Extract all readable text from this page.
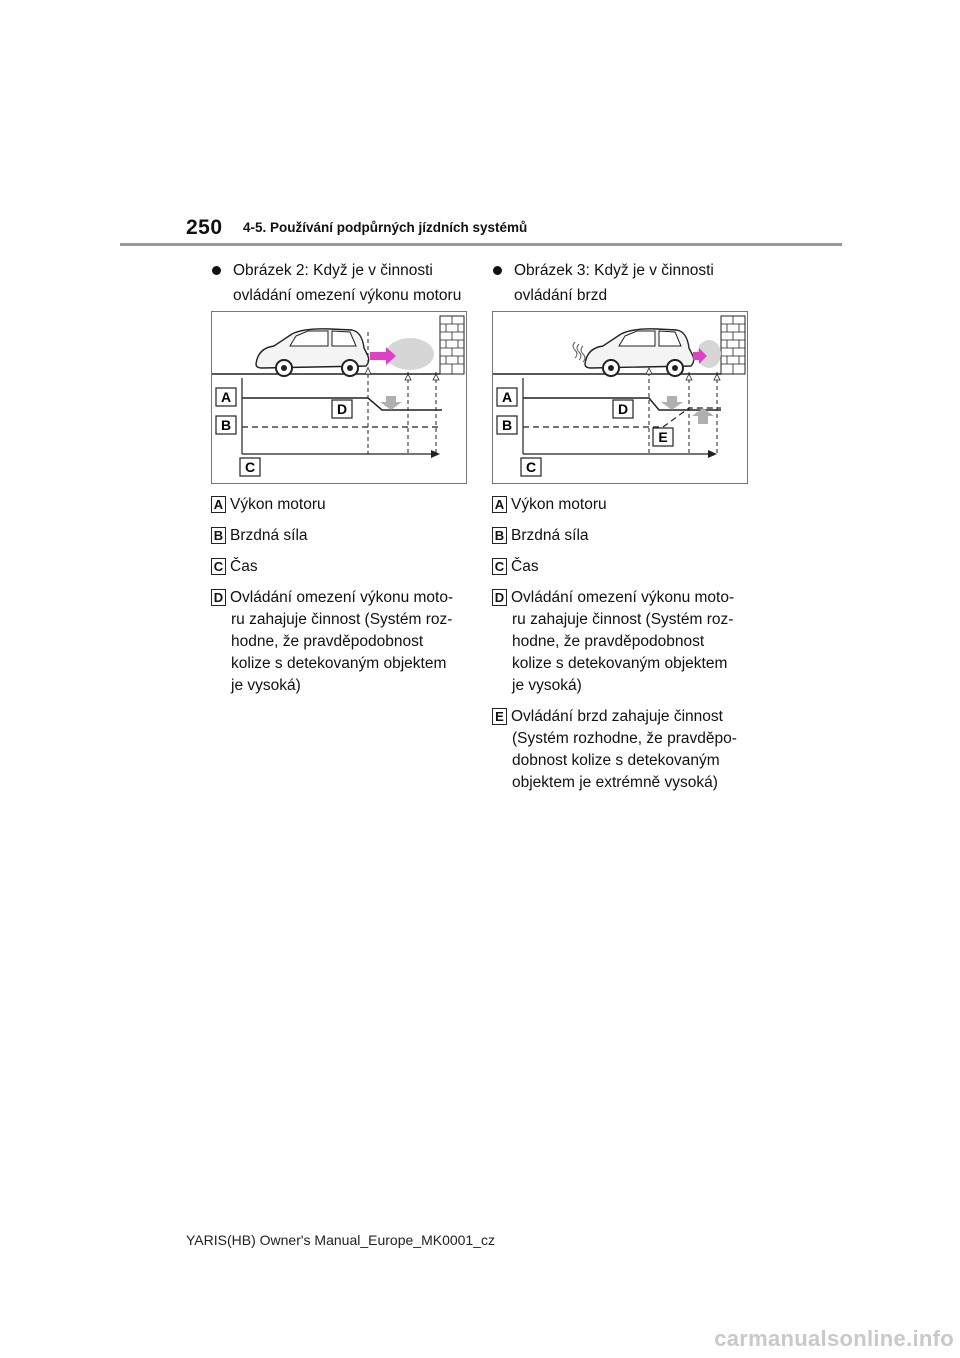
250 4-5. Používání podpůrných jízdních systémů
Obrázek 2: Když je v činnosti ovládání omezení výkonu motoru
A
B
C
D
A Výkon motoru
B Brzdná síla
C Čas
D Ovládání omezení výkonu moto-
ru zahajuje činnost (Systém roz-
hodne, že pravděpodobnost
kolize s detekovaným objektem
je vysoká)
Obrázek 3: Když je v činnosti ovládání brzd
A
B
C
D
E
A Výkon motoru
B Brzdná síla
C Čas
D Ovládání omezení výkonu moto-
ru zahajuje činnost (Systém roz-
hodne, že pravděpodobnost
kolize s detekovaným objektem
je vysoká)
E Ovládání brzd zahajuje činnost
(Systém rozhodne, že pravděpo-
dobnost kolize s detekovaným
objektem je extrémně vysoká)
YARIS(HB) Owner's Manual_Europe_MK0001_cz
carmanualsonline.info
